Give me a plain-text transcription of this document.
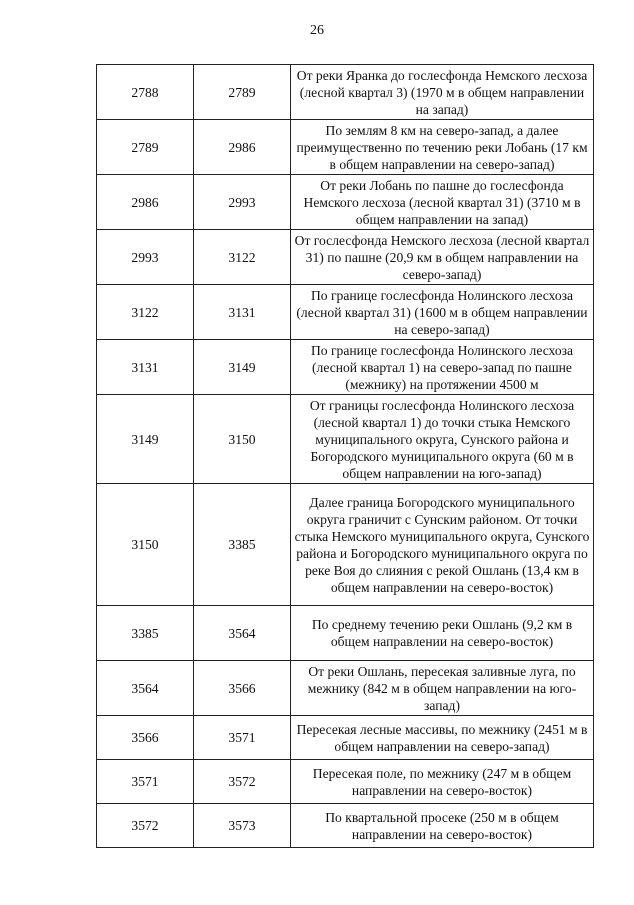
26
2788	2789	От реки Яранка до гослесфонда Немского лесхоза (лесной квартал 3) (1970 м в общем направлении на запад)
2789	2986	По землям 8 км на северо-запад, а далее преимущественно по течению реки Лобань (17 км в общем направлении на северо-запад)
2986	2993	От реки Лобань по пашне до гослесфонда Немского лесхоза (лесной квартал 31) (3710 м в общем направлении на запад)
2993	3122	От гослесфонда Немского лесхоза (лесной квартал 31) по пашне (20,9 км в общем направлении на северо-запад)
3122	3131	По границе гослесфонда Нолинского лесхоза (лесной квартал 31) (1600 м в общем направлении на северо-запад)
3131	3149	По границе гослесфонда Нолинского лесхоза (лесной квартал 1) на северо-запад по пашне (межнику) на протяжении 4500 м
3149	3150	От границы гослесфонда Нолинского лесхоза (лесной квартал 1) до точки стыка Немского муниципального округа, Сунского района и Богородского муниципального округа (60 м в общем направлении на юго-запад)
3150	3385	Далее граница Богородского муниципального округа граничит с Сунским районом. От точки стыка Немского муниципального округа, Сунского района и Богородского муниципального округа по реке Воя до слияния с рекой Ошлань (13,4 км в общем направлении на северо-восток)
3385	3564	По среднему течению реки Ошлань (9,2 км в общем направлении на северо-восток)
3564	3566	От реки Ошлань, пересекая заливные луга, по межнику (842 м в общем направлении на юго-запад)
3566	3571	Пересекая лесные массивы, по межнику (2451 м в общем направлении на северо-запад)
3571	3572	Пересекая поле, по межнику (247 м в общем направлении на северо-восток)
3572	3573	По квартальной просеке (250 м в общем направлении на северо-восток)
